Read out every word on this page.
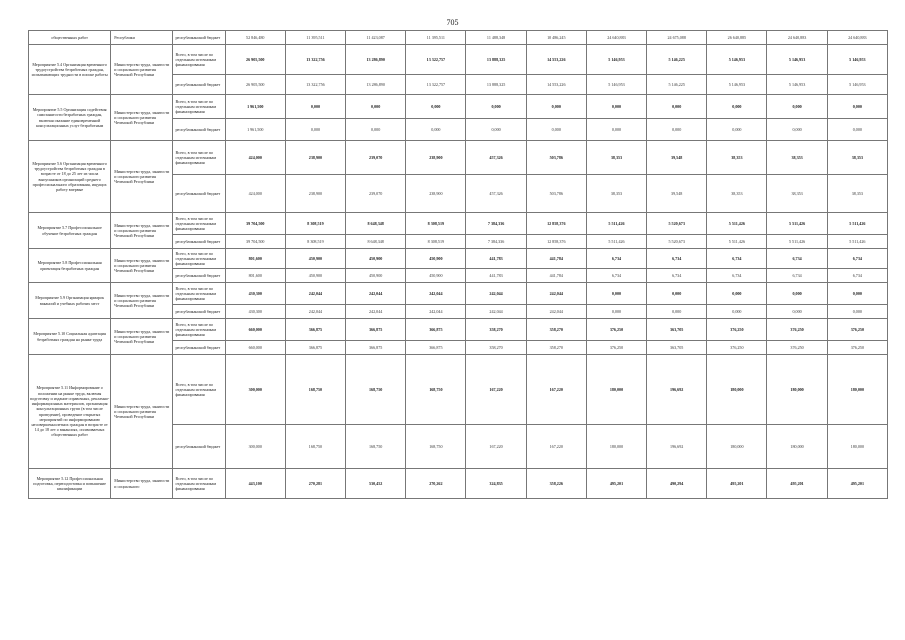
705
общественных работ	Республики	республиканский бюджет	52 846,480	11 395,511	11 423,087	11 395,511	11 488,348	10 486,245	24 640,883	24 675,088	26 640,885	24 640,883	24 640,883
Мероприятие 5.4 Организация временного трудоустройства безработных граждан, испытывающих трудности в поиске работы	Министерство труда, занятости и социального развития Чеченской Республики	Всего, в том числе по отдельным источникам финансирования	26 905,500	13 322,756	13 286,890	13 322,757	13 888,325	14 553,226	5 146,953	5 146,225	5 146,953	5 146,953	5 146,953
		республиканский бюджет	26 905,500	13 322,756	13 286,890	13 322,757	13 888,325	14 553,226	5 146,953	5 146,225	5 146,953	5 146,953	5 146,953
Мероприятие 5.5 Организация содействия самозанятости безработных граждан, включая оказание единовременной консультационных услуг безработным	Министерство труда, занятости и социального развития Чеченской Республики	Всего, в том числе по отдельным источникам финансирования	1 961,500	0,000	0,000	0,000	0,000	0,000	0,000	0,000	0,000	0,000	0,000
		республиканский бюджет	1 961,500	0,000	0,000	0,000	0,000	0,000	0,000	0,000	0,000	0,000	0,000
Мероприятие 5.6 Организация временного трудоустройства безработных граждан в возрасте от 18 до 25 лет из числа выпускников организаций среднего профессионального образования, ищущих работу впервые	Министерство труда, занятости и социального развития Чеченской Республики	Всего, в том числе по отдельным источникам финансирования	424,000	238,900	239,070	238,900	457,326	503,786	38,353	39,548	38,353	38,353	38,353
		республиканский бюджет	424,000	238,900	239,070	238,900	457,326	503,786	38,353	39,548	38,353	38,353	38,353
Мероприятие 5.7 Профессиональное обучение безработных граждан	Министерство труда, занятости и социального развития Чеченской Республики	Всего, в том числе по отдельным источникам финансирования	39 704,500	8 308,519	8 648,348	8 308,519	7 384,336	12 858,376	5 511,426	5 520,673	5 511,426	5 511,426	5 511,426
		республиканский бюджет	39 704,500	8 308,519	8 648,348	8 308,519	7 384,336	12 858,376	5 511,426	5 520,673	5 511,426	5 511,426	5 511,426
Мероприятие 5.8 Профессиональная ориентация безработных граждан	Министерство труда, занятости и социального развития Чеченской Республики	Всего, в том числе по отдельным источникам финансирования	801,600	450,900	450,900	450,900	441,783	441,784	6,734	6,734	6,734	6,734	6,734
		республиканский бюджет	801,600	450,900	450,900	450,900	441,783	441,784	6,734	6,734	6,734	6,734	6,734
Мероприятие 5.9 Организация ярмарок вакансий и учебных рабочих мест	Министерство труда, занятости и социального развития Чеченской Республики	Всего, в том числе по отдельным источникам финансирования	430,300	242,044	242,044	242,044	242,044	242,044	0,000	0,000	0,000	0,000	0,000
		республиканский бюджет	430,300	242,044	242,044	242,044	242,044	242,044	0,000	0,000	0,000	0,000	0,000
Мероприятие 5.10 Социальная адаптация безработных граждан на рынке труда	Министерство труда, занятости и социального развития Чеченской Республики	Всего, в том числе по отдельным источникам финансирования	660,000	366,875	366,875	366,875	358,270	358,270	376,250	363,705	376,250	376,250	376,250
		республиканский бюджет	660,000	366,875	366,875	366,875	358,270	358,270	376,250	363,705	376,250	376,250	376,250
Мероприятие 5.11 Информирование о положении на рынке труда, включая подготовку и издание справочных, рекламно-информационных материалов, организация консультационных групп (в том числе проведение), проведение открытых мероприятий по информированию несовершеннолетних граждан в возрасте от 14 до 18 лет о вакансиях, оплачиваемых общественных работ	Министерство труда, занятости и социального развития Чеченской Республики	Всего, в том числе по отдельным источникам финансирования	300,000	168,750	168,750	168,750	167,220	167,220	180,000	196,692	180,000	180,000	180,000
		республиканский бюджет	300,000	168,750	168,750	168,750	167,220	167,220	180,000	196,692	180,000	180,000	180,000
Мероприятие 5.12 Профессиональная подготовка, переподготовка и повышение квалификации	Министерство труда, занятости и социального	Всего, в том числе по отдельным источникам финансирования	443,100	270,281	530,452	270,262	324,835	358,226	495,201	490,294	495,201	495,201	495,201
